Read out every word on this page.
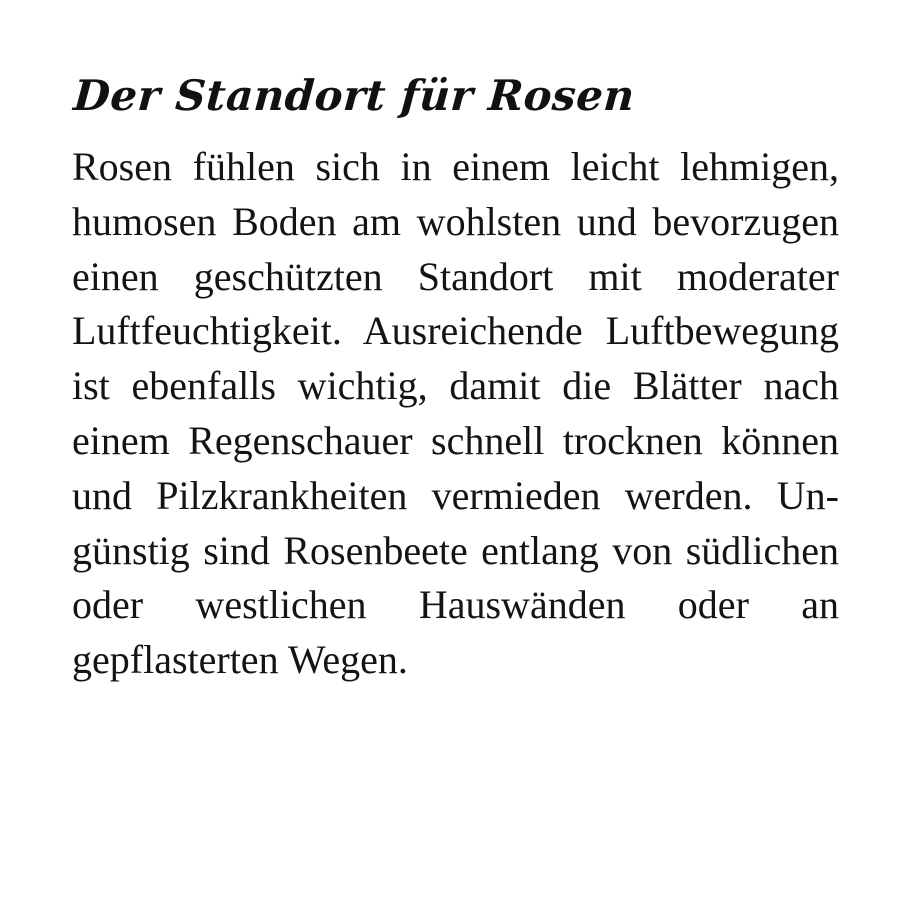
Der Standort für Rosen

Rosen fühlen sich in einem leicht lehmigen, humosen Boden am wohlsten und bevorzugen einen geschützten Standort mit moderater Luftfeuchtigkeit. Ausreichende Luftbewegung ist ebenfalls wichtig, damit die Blätter nach einem Regenschauer schnell trocknen können und Pilzkrankheiten vermieden werden. Ungünstig sind Rosenbeete entlang von südlichen oder westlichen Hauswänden oder an gepflasterten Wegen.
